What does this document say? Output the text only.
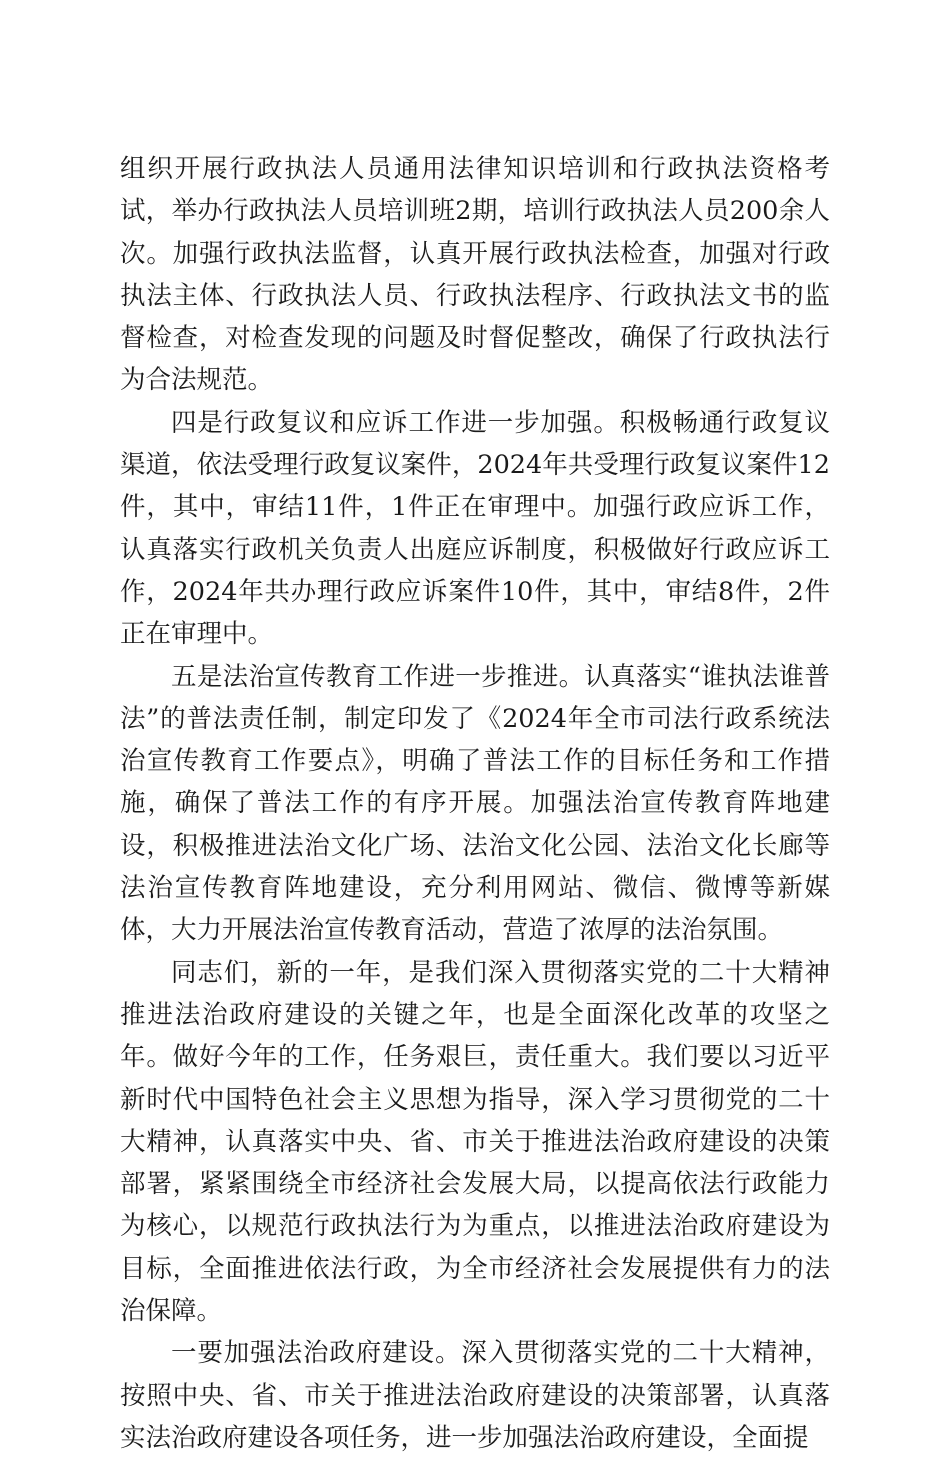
组织开展行政执法人员通用法律知识培训和行政执法资格考试，举办行政执法人员培训班2期，培训行政执法人员200余人次。加强行政执法监督，认真开展行政执法检查，加强对行政执法主体、行政执法人员、行政执法程序、行政执法文书的监督检查，对检查发现的问题及时督促整改，确保了行政执法行为合法规范。

四是行政复议和应诉工作进一步加强。积极畅通行政复议渠道，依法受理行政复议案件，2024年共受理行政复议案件12件，其中，审结11件，1件正在审理中。加强行政应诉工作，认真落实行政机关负责人出庭应诉制度，积极做好行政应诉工作，2024年共办理行政应诉案件10件，其中，审结8件，2件正在审理中。

五是法治宣传教育工作进一步推进。认真落实“谁执法谁普法”的普法责任制，制定印发了《2024年全市司法行政系统法治宣传教育工作要点》，明确了普法工作的目标任务和工作措施，确保了普法工作的有序开展。加强法治宣传教育阵地建设，积极推进法治文化广场、法治文化公园、法治文化长廊等法治宣传教育阵地建设，充分利用网站、微信、微博等新媒体，大力开展法治宣传教育活动，营造了浓厚的法治氛围。

同志们，新的一年，是我们深入贯彻落实党的二十大精神推进法治政府建设的关键之年，也是全面深化改革的攻坚之年。做好今年的工作，任务艰巨，责任重大。我们要以习近平新时代中国特色社会主义思想为指导，深入学习贯彻党的二十大精神，认真落实中央、省、市关于推进法治政府建设的决策部署，紧紧围绕全市经济社会发展大局，以提高依法行政能力为核心，以规范行政执法行为为重点，以推进法治政府建设为目标，全面推进依法行政，为全市经济社会发展提供有力的法治保障。

一要加强法治政府建设。深入贯彻落实党的二十大精神，按照中央、省、市关于推进法治政府建设的决策部署，认真落实法治政府建设各项任务，进一步加强法治政府建设，全面提
